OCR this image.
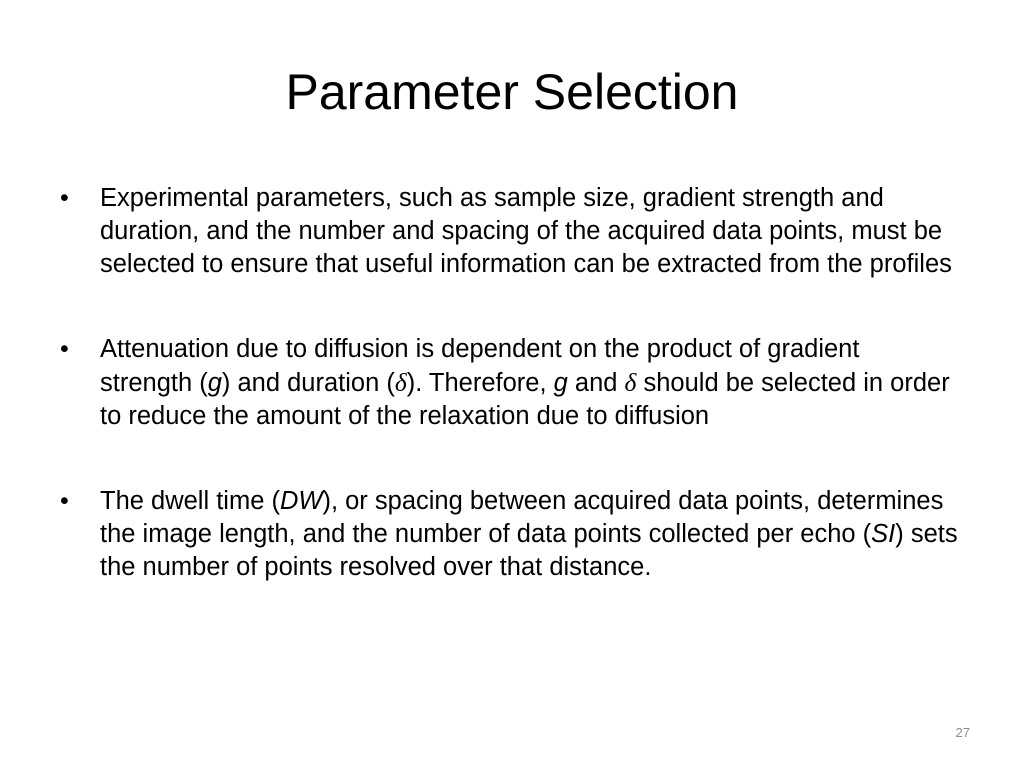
Parameter Selection
•	Experimental parameters, such as sample size, gradient strength and duration, and the number and spacing of the acquired data points, must be selected to ensure that useful information can be extracted from the profiles
•	Attenuation due to diffusion is dependent on the product of gradient strength (g) and duration (δ). Therefore, g and δ should be selected in order to reduce the amount of the relaxation due to diffusion
•	The dwell time (DW), or spacing between acquired data points, determines the image length, and the number of data points collected per echo (SI) sets the number of points resolved over that distance.
27
